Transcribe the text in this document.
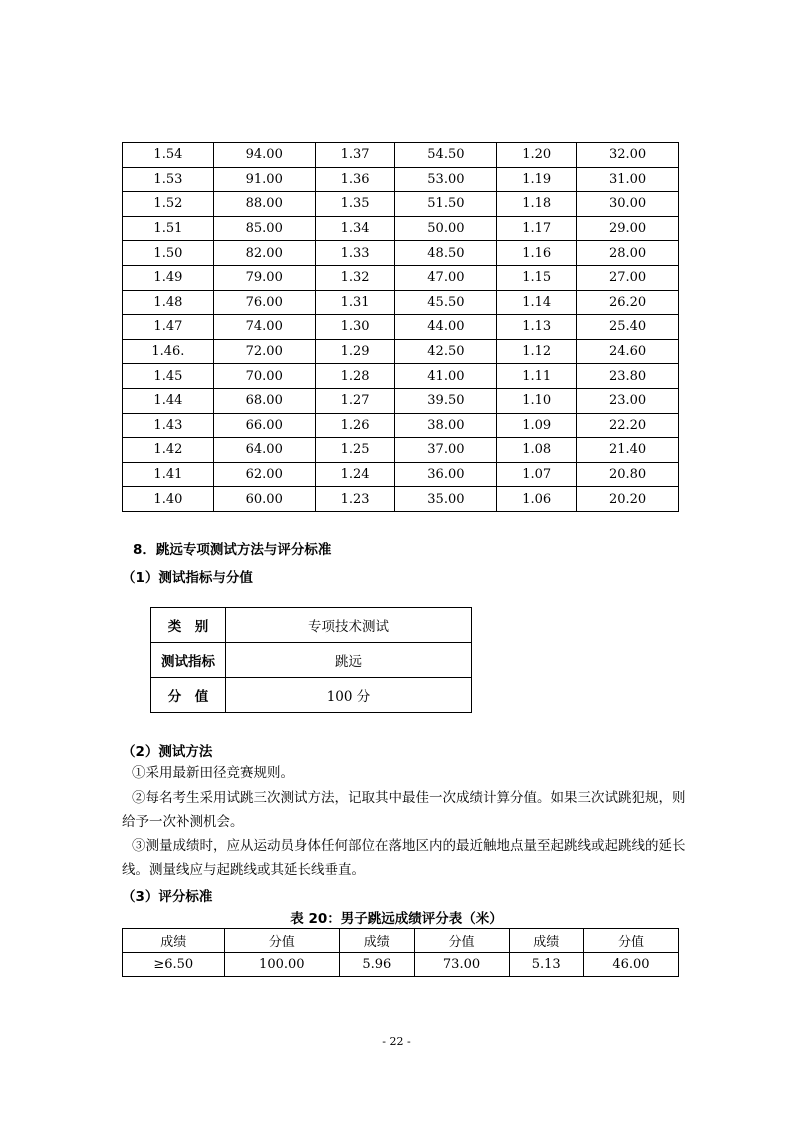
1.54	94.00	1.37	54.50	1.20	32.00
1.53	91.00	1.36	53.00	1.19	31.00
1.52	88.00	1.35	51.50	1.18	30.00
1.51	85.00	1.34	50.00	1.17	29.00
1.50	82.00	1.33	48.50	1.16	28.00
1.49	79.00	1.32	47.00	1.15	27.00
1.48	76.00	1.31	45.50	1.14	26.20
1.47	74.00	1.30	44.00	1.13	25.40
1.46.	72.00	1.29	42.50	1.12	24.60
1.45	70.00	1.28	41.00	1.11	23.80
1.44	68.00	1.27	39.50	1.10	23.00
1.43	66.00	1.26	38.00	1.09	22.20
1.42	64.00	1.25	37.00	1.08	21.40
1.41	62.00	1.24	36.00	1.07	20.80
1.40	60.00	1.23	35.00	1.06	20.20
8．跳远专项测试方法与评分标准
（1）测试指标与分值
类　别	专项技术测试
测试指标	跳远
分　值	100 分
（2）测试方法
①采用最新田径竞赛规则。
②每名考生采用试跳三次测试方法，记取其中最佳一次成绩计算分值。如果三次试跳犯规，则给予一次补测机会。
③测量成绩时，应从运动员身体任何部位在落地区内的最近触地点量至起跳线或起跳线的延长线。测量线应与起跳线或其延长线垂直。
（3）评分标准
表 20：男子跳远成绩评分表（米）
成绩	分值	成绩	分值	成绩	分值
≥6.50	100.00	5.96	73.00	5.13	46.00
- 22 -
